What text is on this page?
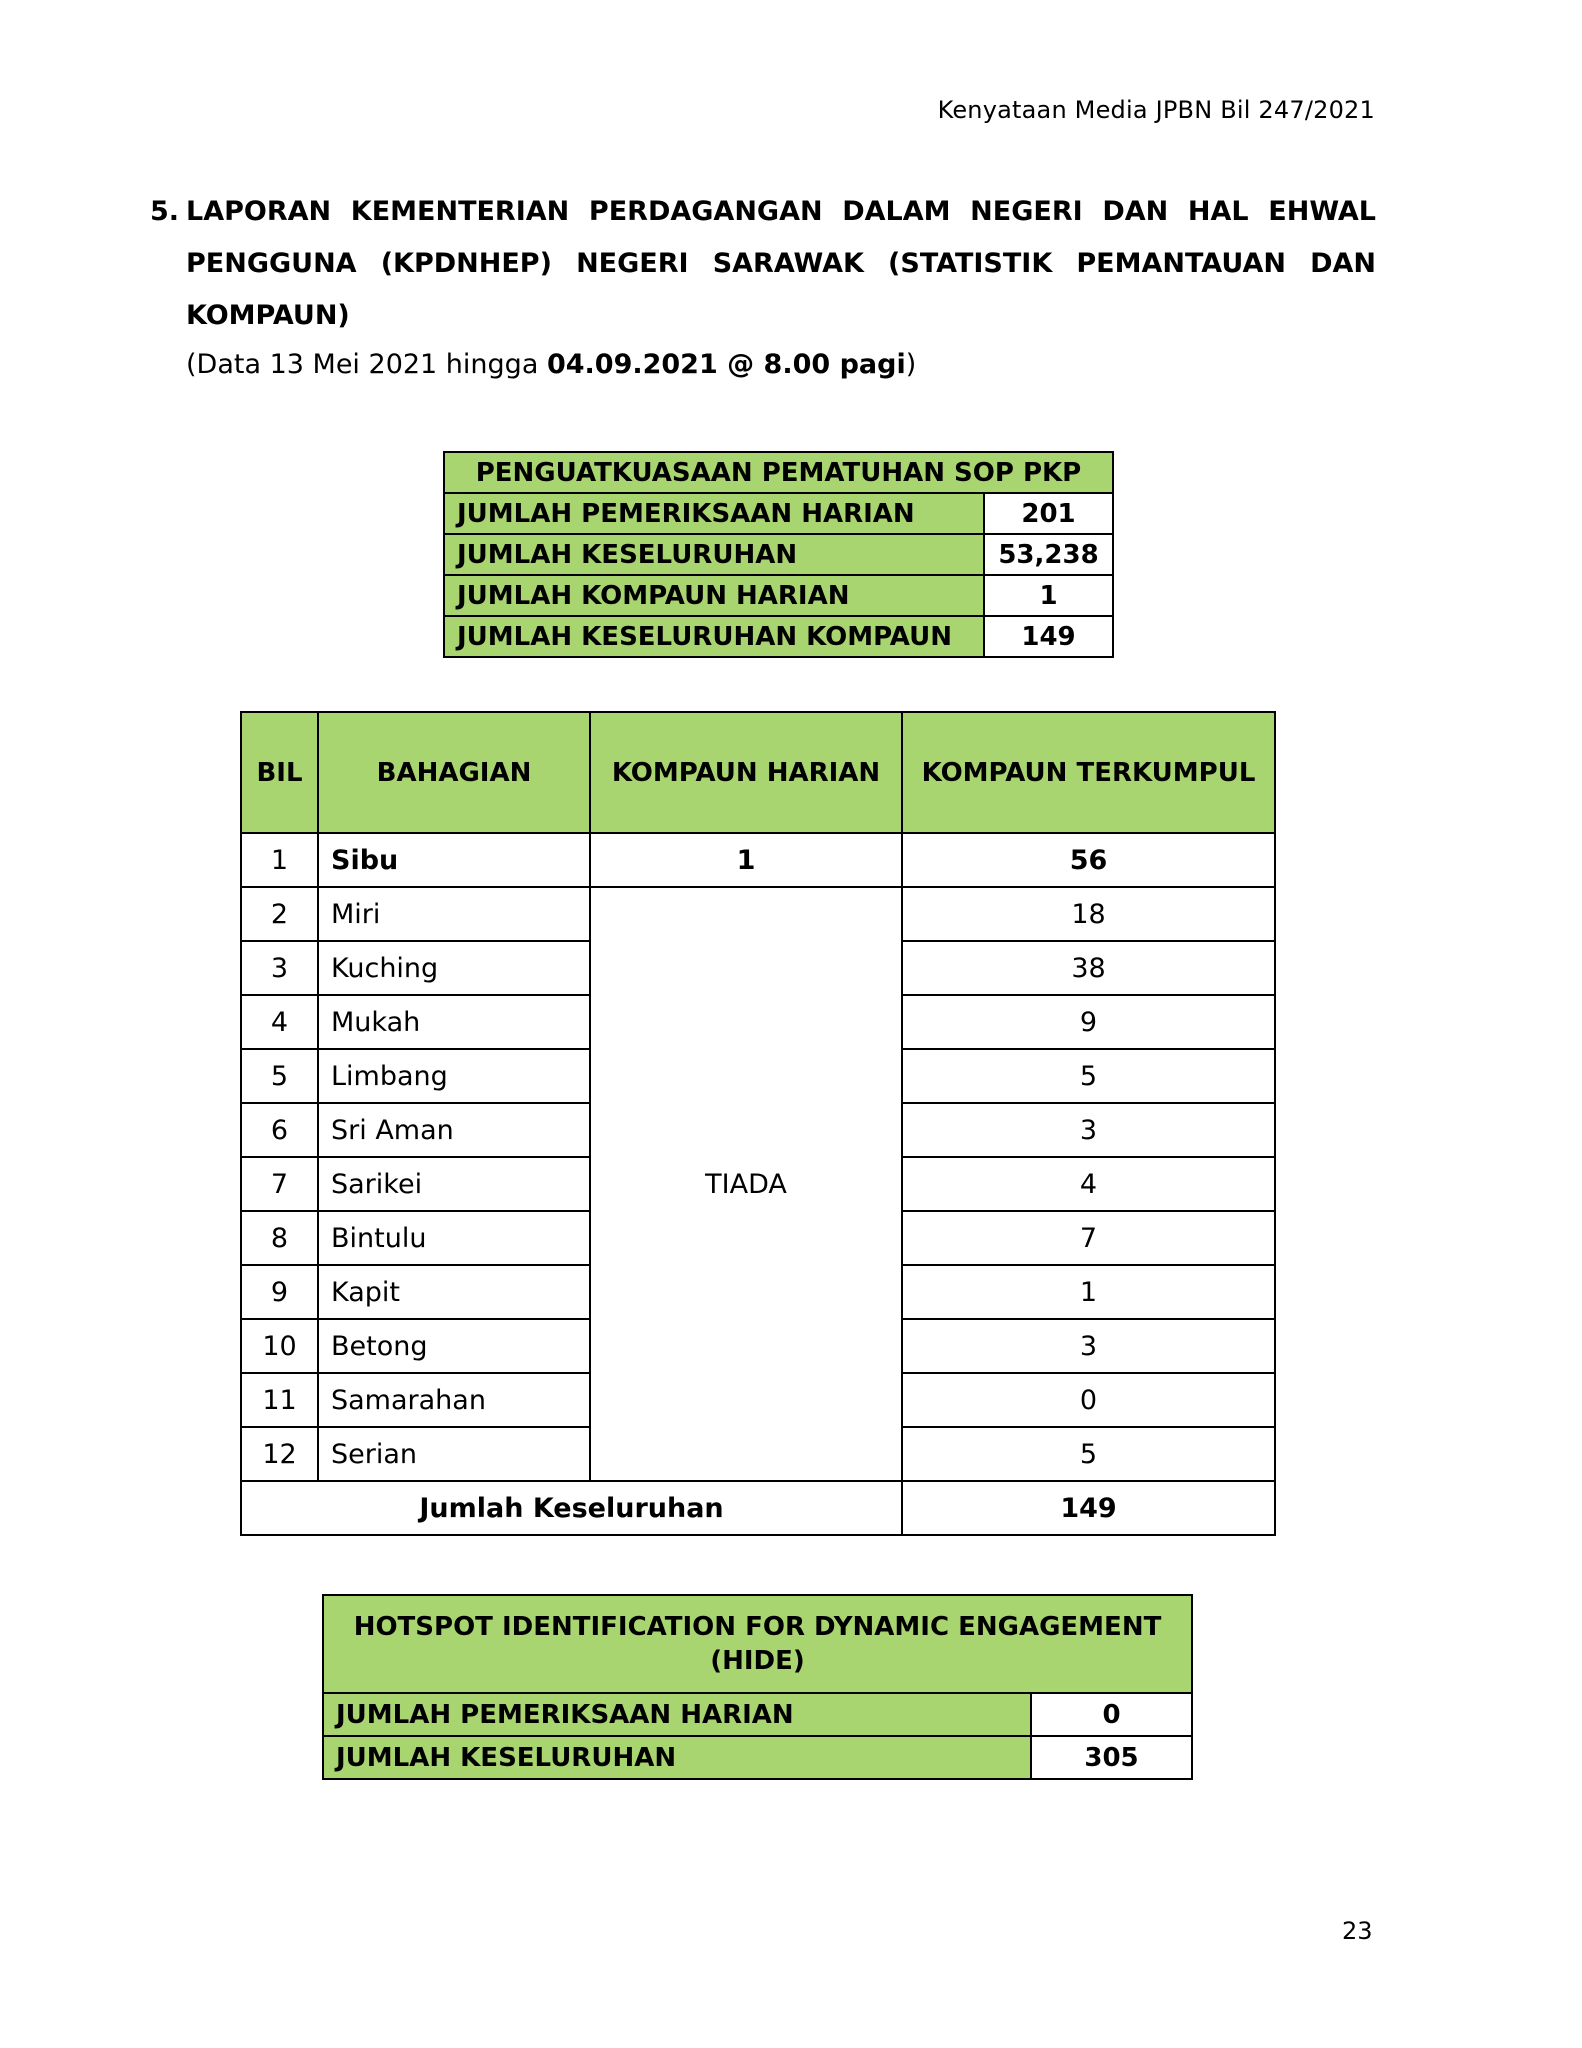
Kenyataan Media JPBN Bil 247/2021
5. LAPORAN KEMENTERIAN PERDAGANGAN DALAM NEGERI DAN HAL EHWAL PENGGUNA (KPDNHEP) NEGERI SARAWAK (STATISTIK PEMANTAUAN DAN KOMPAUN)
(Data 13 Mei 2021 hingga 04.09.2021 @ 8.00 pagi)
PENGUATKUASAAN PEMATUHAN SOP PKP	
JUMLAH PEMERIKSAAN HARIAN	201
JUMLAH KESELURUHAN	53,238
JUMLAH KOMPAUN HARIAN	1
JUMLAH KESELURUHAN KOMPAUN	149
BIL	BAHAGIAN	KOMPAUN HARIAN	KOMPAUN TERKUMPUL
1	Sibu	1	56
2	Miri	TIADA	18
3	Kuching		38
4	Mukah		9
5	Limbang		5
6	Sri Aman		3
7	Sarikei		4
8	Bintulu		7
9	Kapit		1
10	Betong		3
11	Samarahan		0
12	Serian		5
Jumlah Keseluruhan			149
HOTSPOT IDENTIFICATION FOR DYNAMIC ENGAGEMENT (HIDE)	
JUMLAH PEMERIKSAAN HARIAN	0
JUMLAH KESELURUHAN	305
23
